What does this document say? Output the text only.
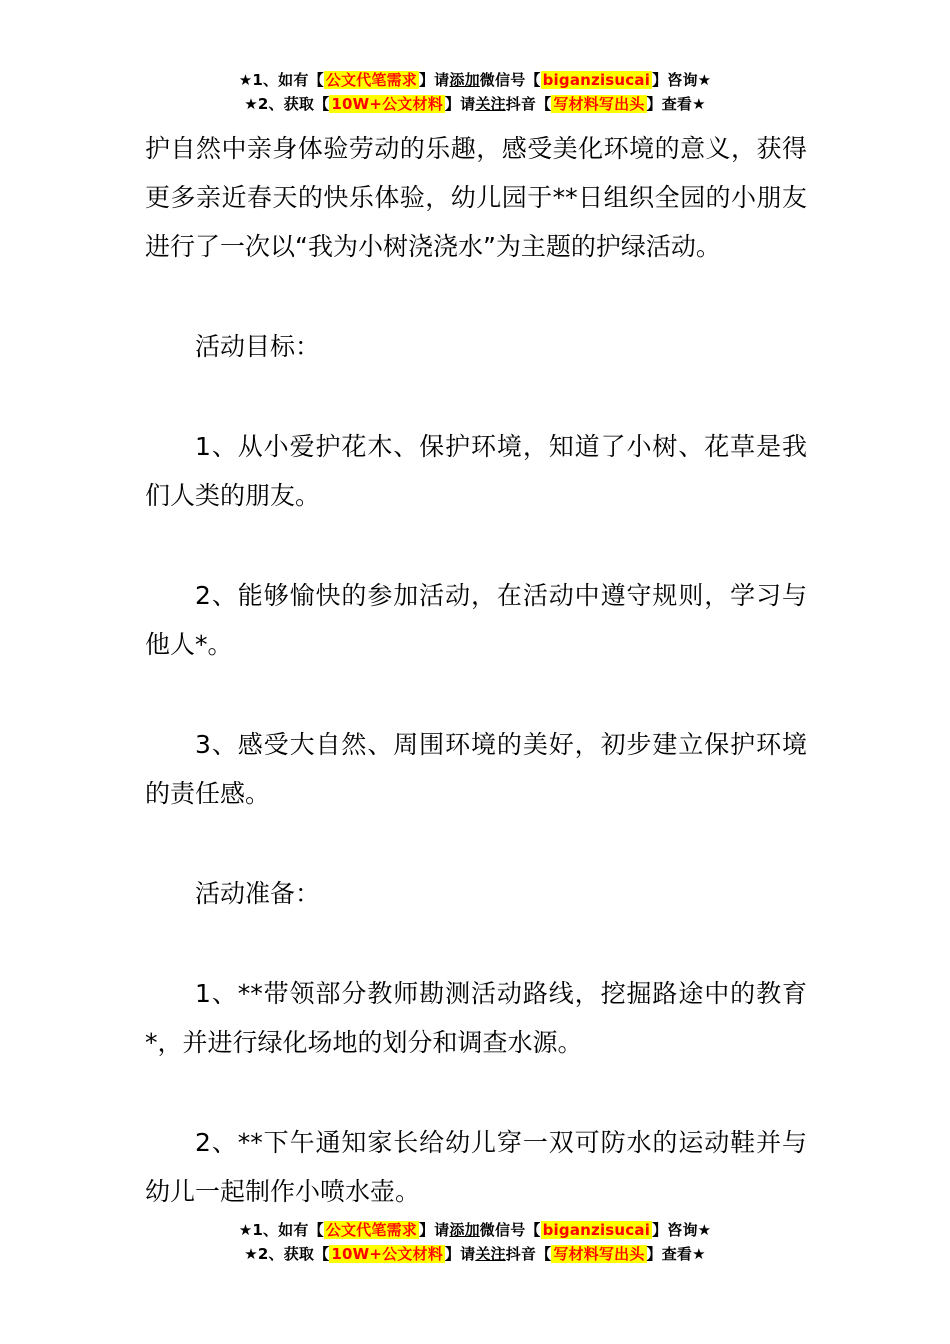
★1、如有【 公文代笔需求 】请添加微信号【 biganzisucai 】咨询★
★2、获取【 10W+公文材料 】请关注抖音【 写材料写出头 】查看★

护自然中亲身体验劳动的乐趣，感受美化环境的意义，获得更多亲近春天的快乐体验，幼儿园于**日组织全园的小朋友进行了一次以“我为小树浇浇水”为主题的护绿活动。

活动目标：

1、从小爱护花木、保护环境，知道了小树、花草是我们人类的朋友。

2、能够愉快的参加活动，在活动中遵守规则，学习与他人*。

3、感受大自然、周围环境的美好，初步建立保护环境的责任感。

活动准备：

1、**带领部分教师勘测活动路线，挖掘路途中的教育*，并进行绿化场地的划分和调查水源。

2、**下午通知家长给幼儿穿一双可防水的运动鞋并与幼儿一起制作小喷水壶。

★1、如有【 公文代笔需求 】请添加微信号【 biganzisucai 】咨询★
★2、获取【 10W+公文材料 】请关注抖音【 写材料写出头 】查看★
